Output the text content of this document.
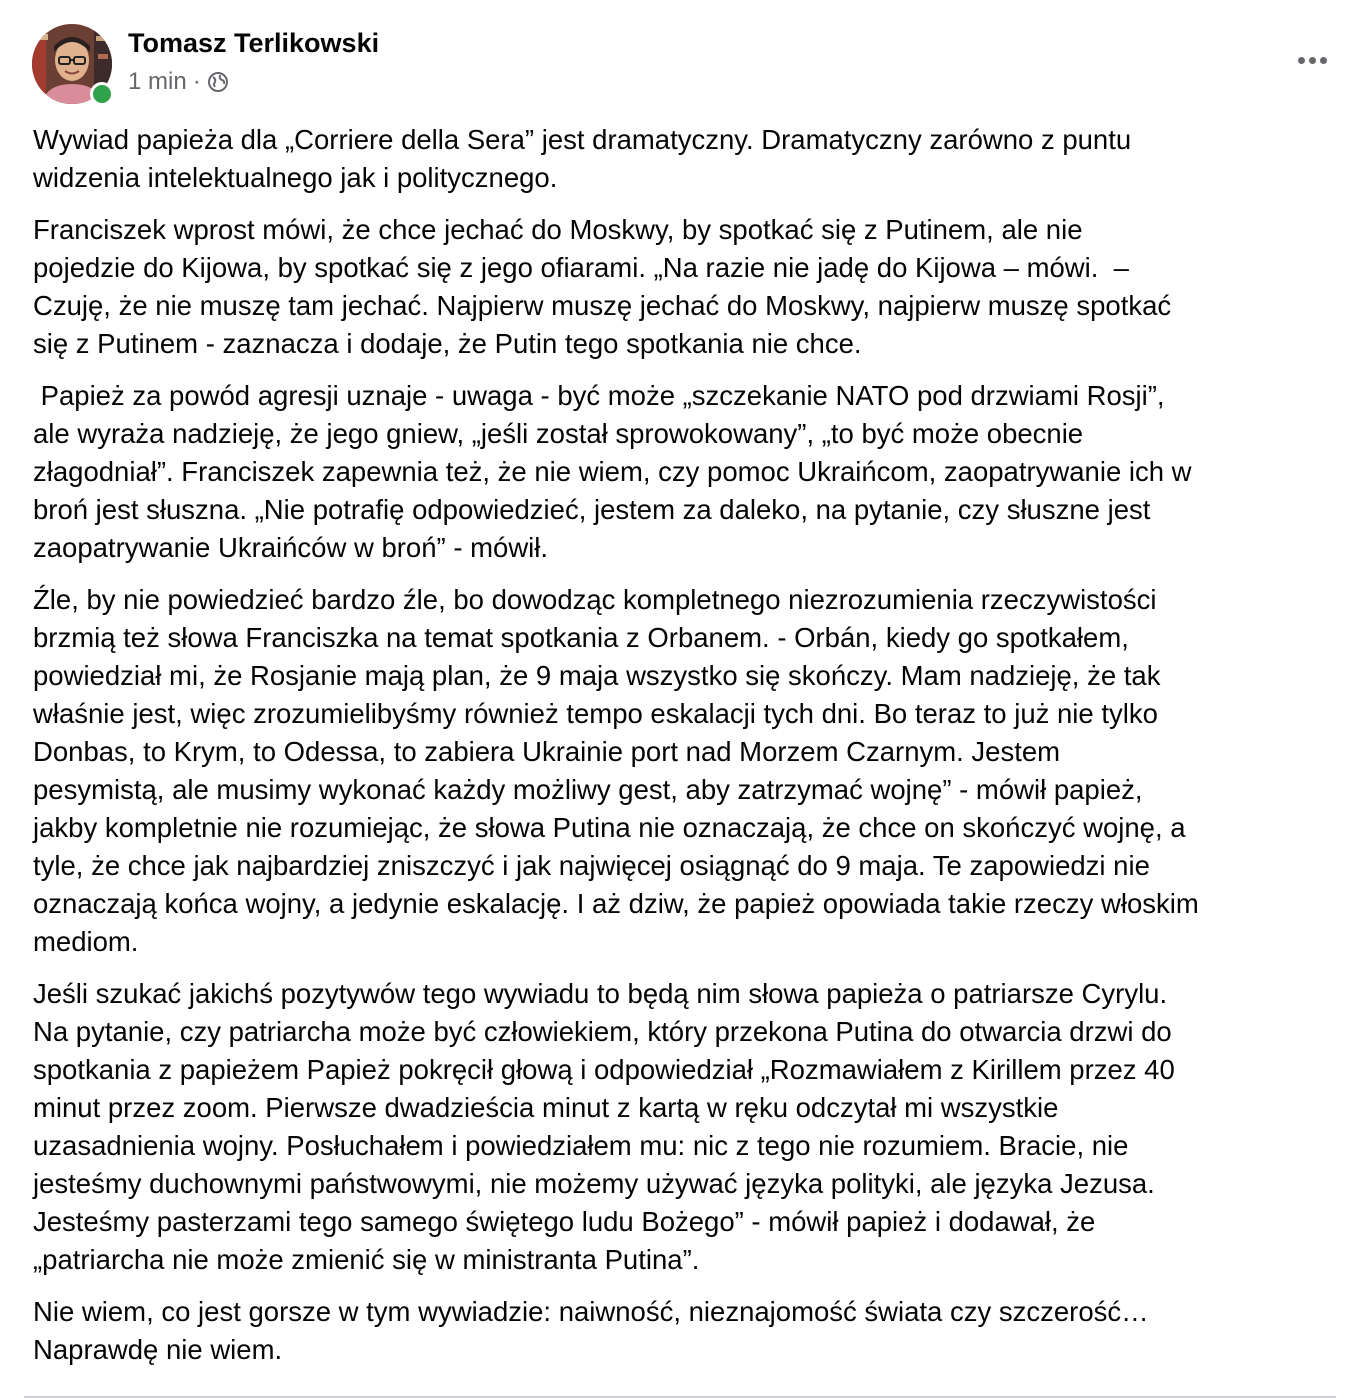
Tomasz Terlikowski
1 min ·

Wywiad papieża dla „Corriere della Sera” jest dramatyczny. Dramatyczny zarówno z puntu
widzenia intelektualnego jak i politycznego.

Franciszek wprost mówi, że chce jechać do Moskwy, by spotkać się z Putinem, ale nie
pojedzie do Kijowa, by spotkać się z jego ofiarami. „Na razie nie jadę do Kijowa – mówi.  –
Czuję, że nie muszę tam jechać. Najpierw muszę jechać do Moskwy, najpierw muszę spotkać
się z Putinem - zaznacza i dodaje, że Putin tego spotkania nie chce.

Papież za powód agresji uznaje - uwaga - być może „szczekanie NATO pod drzwiami Rosji”,
ale wyraża nadzieję, że jego gniew, „jeśli został sprowokowany”, „to być może obecnie
złagodniał”. Franciszek zapewnia też, że nie wiem, czy pomoc Ukraińcom, zaopatrywanie ich w
broń jest słuszna. „Nie potrafię odpowiedzieć, jestem za daleko, na pytanie, czy słuszne jest
zaopatrywanie Ukraińców w broń” - mówił.

Źle, by nie powiedzieć bardzo źle, bo dowodząc kompletnego niezrozumienia rzeczywistości
brzmią też słowa Franciszka na temat spotkania z Orbanem. - Orbán, kiedy go spotkałem,
powiedział mi, że Rosjanie mają plan, że 9 maja wszystko się skończy. Mam nadzieję, że tak
właśnie jest, więc zrozumielibyśmy również tempo eskalacji tych dni. Bo teraz to już nie tylko
Donbas, to Krym, to Odessa, to zabiera Ukrainie port nad Morzem Czarnym. Jestem
pesymistą, ale musimy wykonać każdy możliwy gest, aby zatrzymać wojnę” - mówił papież,
jakby kompletnie nie rozumiejąc, że słowa Putina nie oznaczają, że chce on skończyć wojnę, a
tyle, że chce jak najbardziej zniszczyć i jak najwięcej osiągnąć do 9 maja. Te zapowiedzi nie
oznaczają końca wojny, a jedynie eskalację. I aż dziw, że papież opowiada takie rzeczy włoskim
mediom.

Jeśli szukać jakichś pozytywów tego wywiadu to będą nim słowa papieża o patriarsze Cyrylu.
Na pytanie, czy patriarcha może być człowiekiem, który przekona Putina do otwarcia drzwi do
spotkania z papieżem Papież pokręcił głową i odpowiedział „Rozmawiałem z Kirillem przez 40
minut przez zoom. Pierwsze dwadzieścia minut z kartą w ręku odczytał mi wszystkie
uzasadnienia wojny. Posłuchałem i powiedziałem mu: nic z tego nie rozumiem. Bracie, nie
jesteśmy duchownymi państwowymi, nie możemy używać języka polityki, ale języka Jezusa.
Jesteśmy pasterzami tego samego świętego ludu Bożego” - mówił papież i dodawał, że
„patriarcha nie może zmienić się w ministranta Putina”.

Nie wiem, co jest gorsze w tym wywiadzie: naiwność, nieznajomość świata czy szczerość…
Naprawdę nie wiem.
